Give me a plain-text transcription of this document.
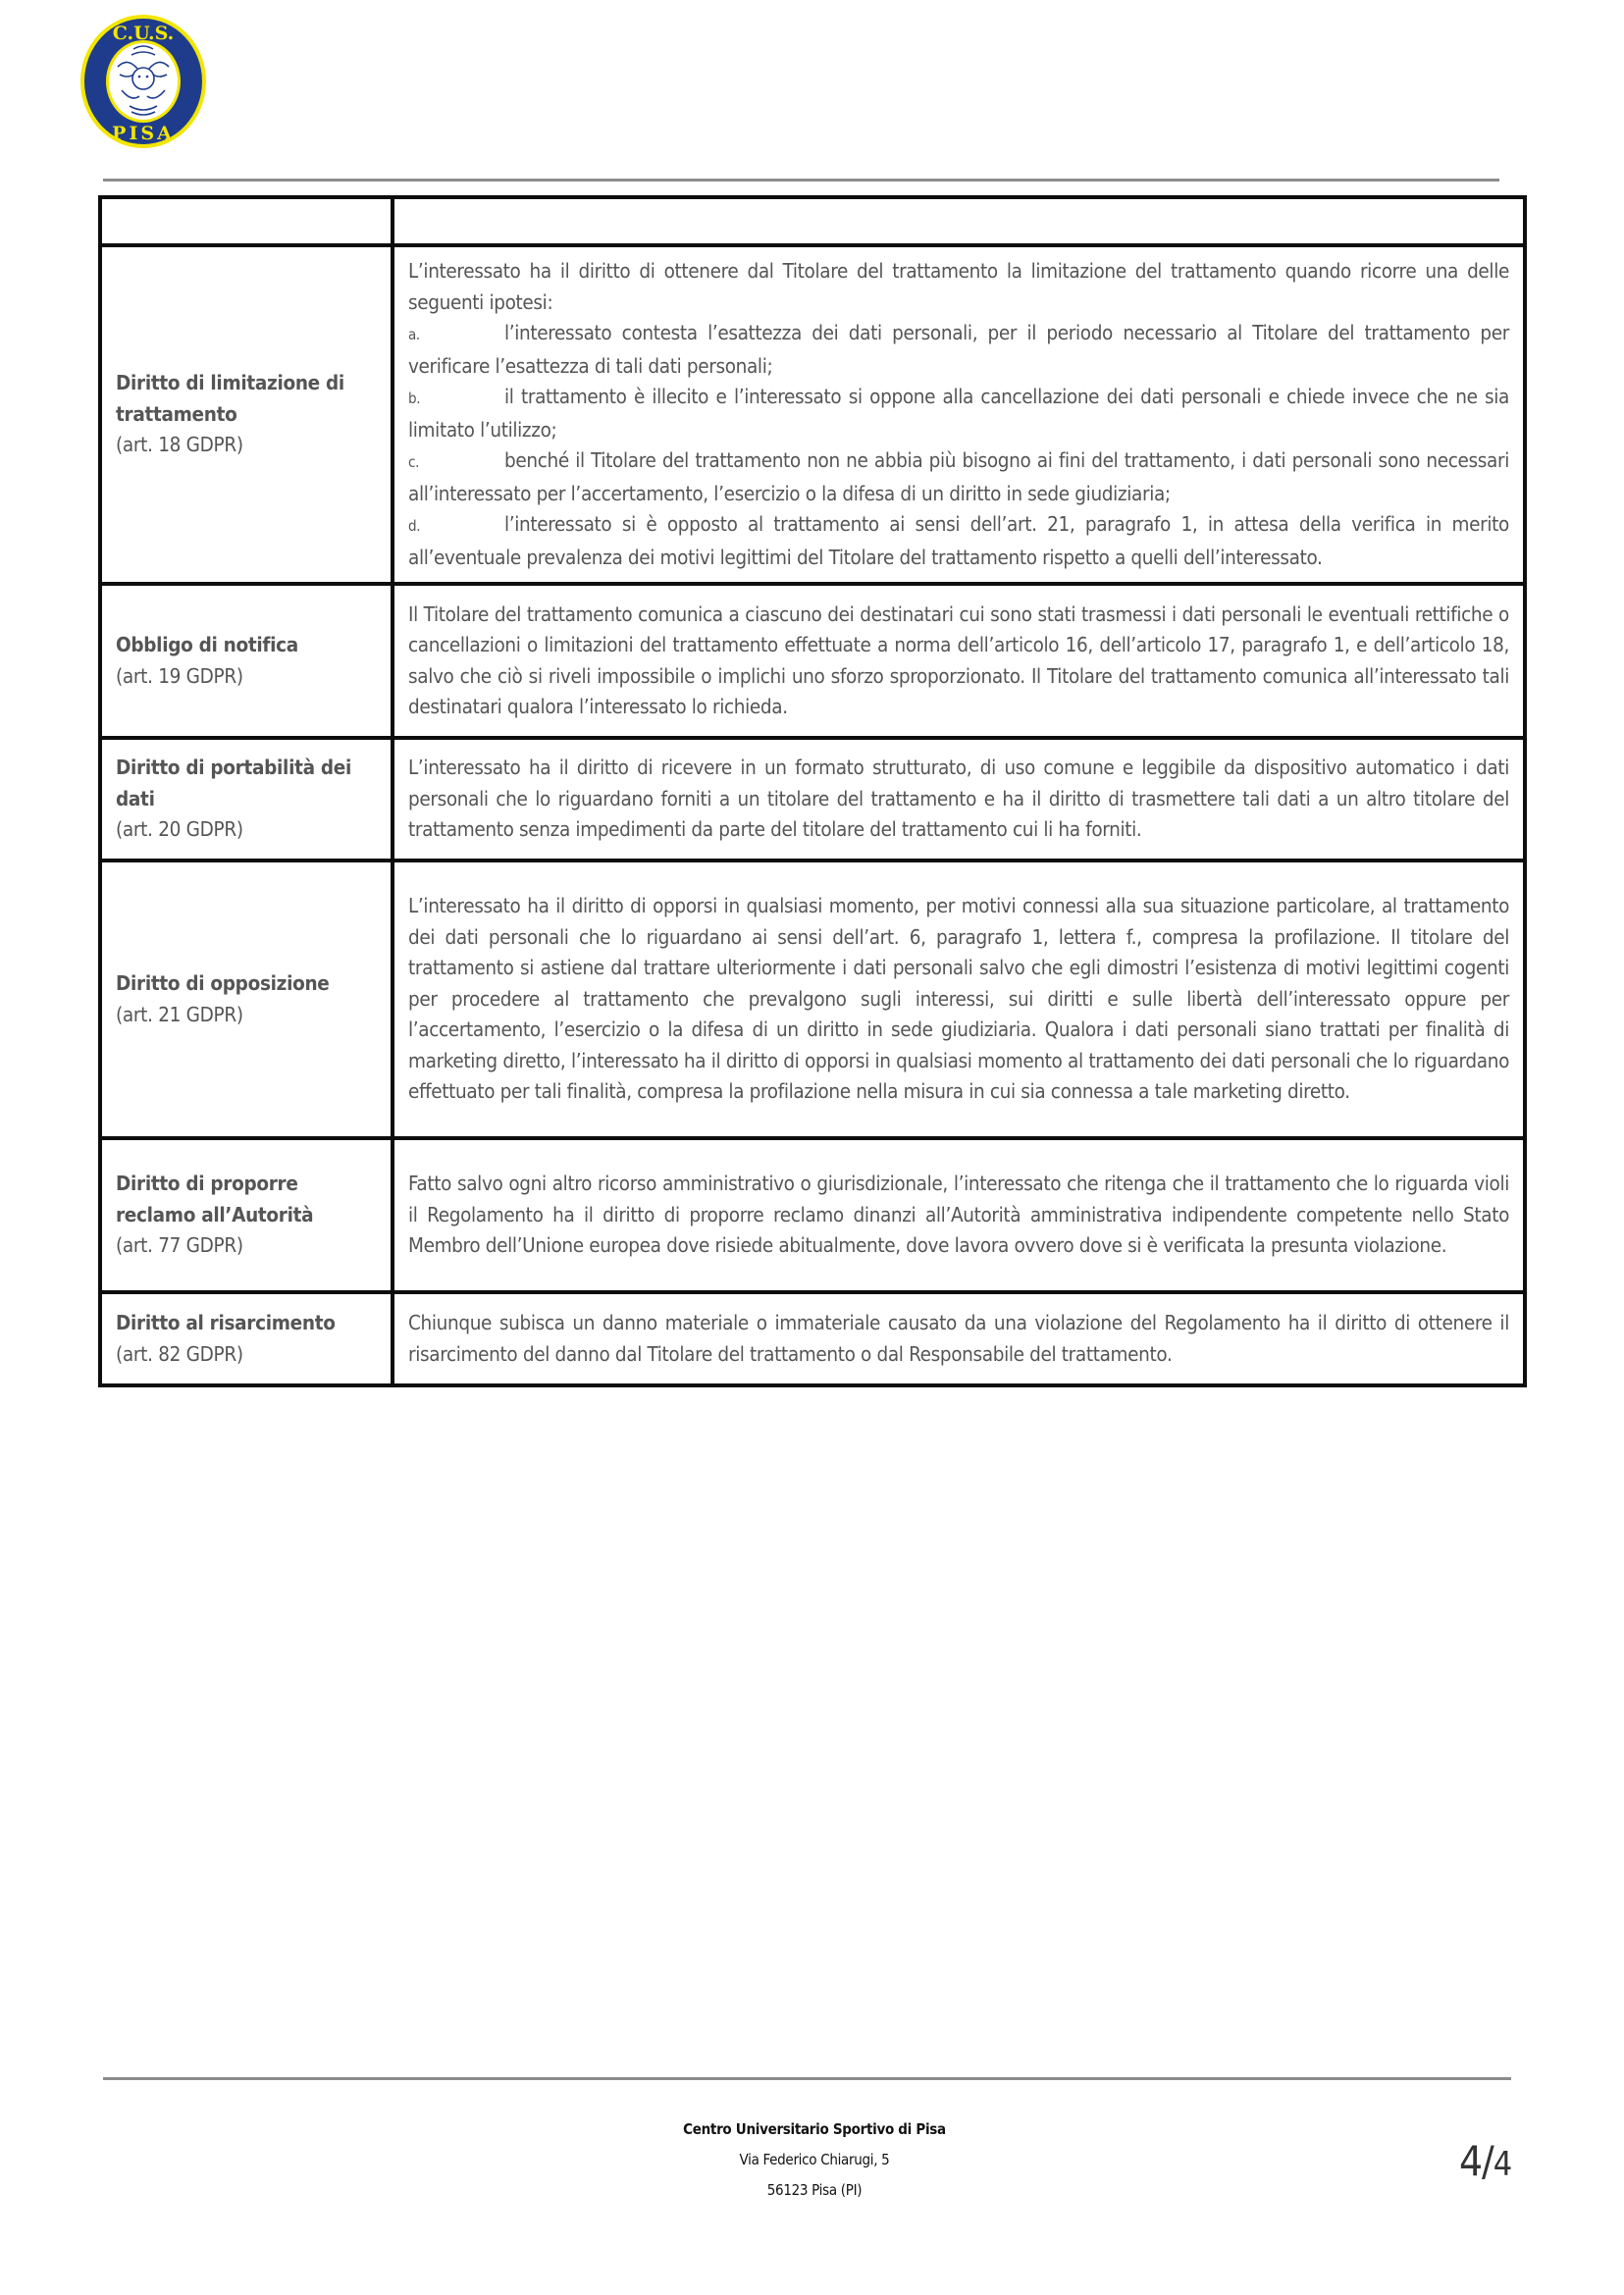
C.U.S.
PISA

Diritto di limitazione di trattamento
(art. 18 GDPR)	L’interessato ha il diritto di ottenere dal Titolare del trattamento la limitazione del trattamento quando ricorre una delle seguenti ipotesi:

a. l’interessato contesta l’esattezza dei dati personali, per il periodo necessario al Titolare del trattamento per verificare l’esattezza di tali dati personali;
b. il trattamento è illecito e l’interessato si oppone alla cancellazione dei dati personali e chiede invece che ne sia limitato l’utilizzo;
c. benché il Titolare del trattamento non ne abbia più bisogno ai fini del trattamento, i dati personali sono necessari all’interessato per l’accertamento, l’esercizio o la difesa di un diritto in sede giudiziaria;
d. l’interessato si è opposto al trattamento ai sensi dell’art. 21, paragrafo 1, in attesa della verifica in merito all’eventuale prevalenza dei motivi legittimi del Titolare del trattamento rispetto a quelli dell’interessato.

Obbligo di notifica
(art. 19 GDPR)	Il Titolare del trattamento comunica a ciascuno dei destinatari cui sono stati trasmessi i dati personali le eventuali rettifiche o cancellazioni o limitazioni del trattamento effettuate a norma dell’articolo 16, dell’articolo 17, paragrafo 1, e dell’articolo 18, salvo che ciò si riveli impossibile o implichi uno sforzo sproporzionato. Il Titolare del trattamento comunica all’interessato tali destinatari qualora l’interessato lo richieda.

Diritto di portabilità dei dati
(art. 20 GDPR)	L’interessato ha il diritto di ricevere in un formato strutturato, di uso comune e leggibile da dispositivo automatico i dati personali che lo riguardano forniti a un titolare del trattamento e ha il diritto di trasmettere tali dati a un altro titolare del trattamento senza impedimenti da parte del titolare del trattamento cui li ha forniti.

Diritto di opposizione
(art. 21 GDPR)	L’interessato ha il diritto di opporsi in qualsiasi momento, per motivi connessi alla sua situazione particolare, al trattamento dei dati personali che lo riguardano ai sensi dell’art. 6, paragrafo 1, lettera f., compresa la profilazione. Il titolare del trattamento si astiene dal trattare ulteriormente i dati personali salvo che egli dimostri l’esistenza di motivi legittimi cogenti per procedere al trattamento che prevalgono sugli interessi, sui diritti e sulle libertà dell’interessato oppure per l’accertamento, l’esercizio o la difesa di un diritto in sede giudiziaria. Qualora i dati personali siano trattati per finalità di marketing diretto, l’interessato ha il diritto di opporsi in qualsiasi momento al trattamento dei dati personali che lo riguardano effettuato per tali finalità, compresa la profilazione nella misura in cui sia connessa a tale marketing diretto.

Diritto di proporre reclamo all’Autorità
(art. 77 GDPR)	Fatto salvo ogni altro ricorso amministrativo o giurisdizionale, l’interessato che ritenga che il trattamento che lo riguarda violi il Regolamento ha il diritto di proporre reclamo dinanzi all’Autorità amministrativa indipendente competente nello Stato Membro dell’Unione europea dove risiede abitualmente, dove lavora ovvero dove si è verificata la presunta violazione.

Diritto al risarcimento
(art. 82 GDPR)	Chiunque subisca un danno materiale o immateriale causato da una violazione del Regolamento ha il diritto di ottenere il risarcimento del danno dal Titolare del trattamento o dal Responsabile del trattamento.

Centro Universitario Sportivo di Pisa
Via Federico Chiarugi, 5
56123 Pisa (PI)
4/4
